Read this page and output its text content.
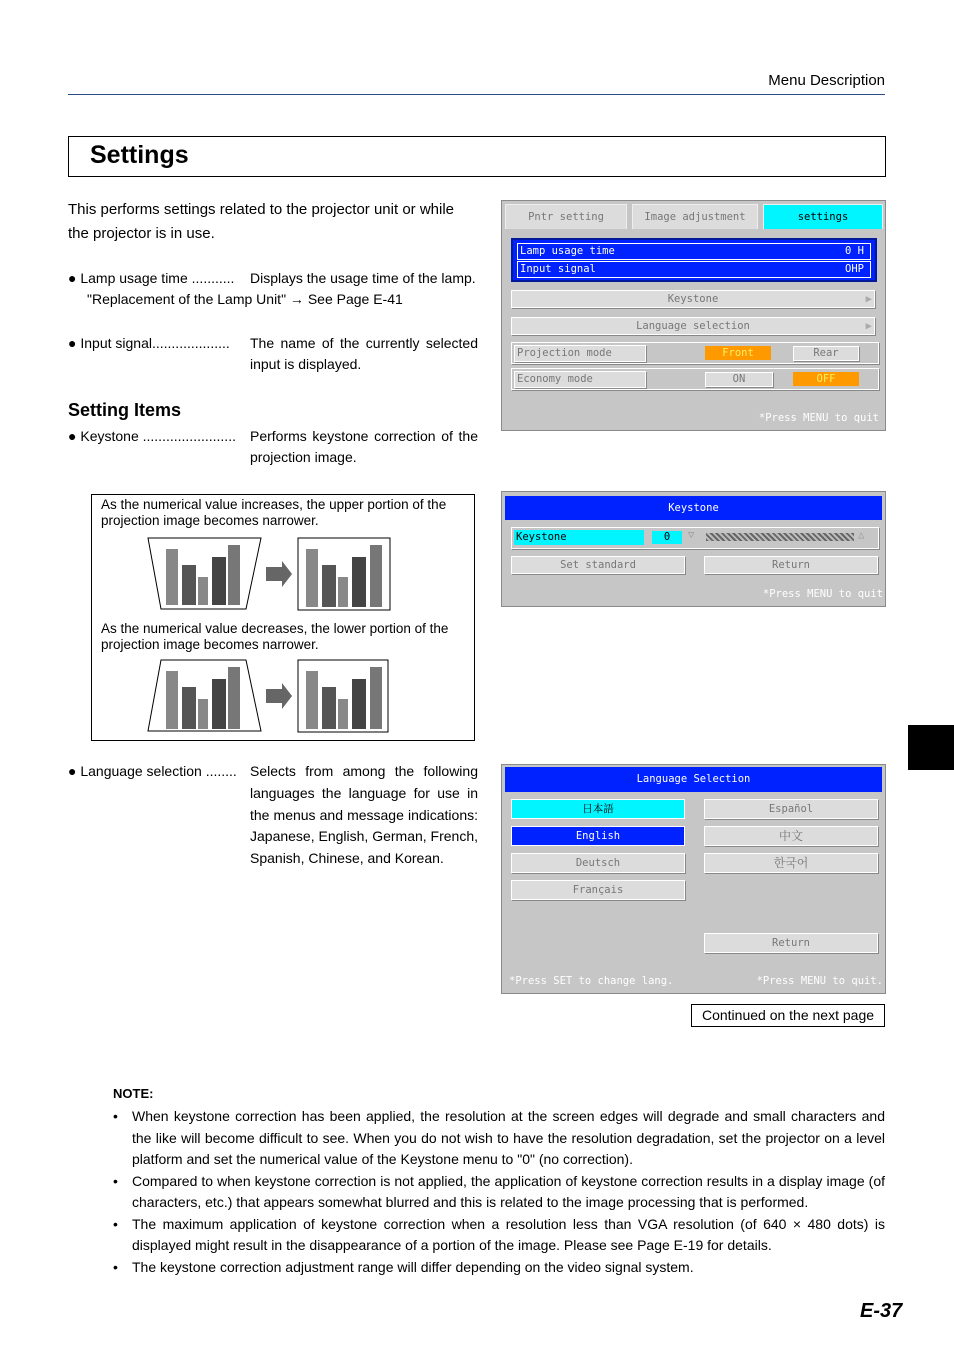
Menu Description
Settings
This performs settings related to the projector unit or while the projector is in use.
● Lamp usage time ...........	Displays the usage time of the lamp.
"Replacement of the Lamp Unit" → See Page E-41
● Input signal....................	The name of the currently selected input is displayed.
Setting Items
● Keystone ........................	Performs keystone correction of the projection image.
As the numerical value increases, the upper portion of the projection image becomes narrower.
As the numerical value decreases, the lower portion of the projection image becomes narrower.
● Language selection ........ Selects from among the following languages the language for use in the menus and message indications: Japanese, English, German, French, Spanish, Chinese, and Korean.
Pntr setting	Image adjustment	settings
Lamp usage time	0 H
Input signal	OHP
Keystone	▶
Language selection	▶
Projection mode	Front	Rear
Economy mode	ON	OFF
*Press MENU to quit
Keystone
Keystone	0	▽	△
Set standard	Return
*Press MENU to quit
Language Selection
日本語
English
Deutsch
Français
Español
中文
한국어
Return
*Press SET to change lang.	*Press MENU to quit.
Continued on the next page
NOTE:
• When keystone correction has been applied, the resolution at the screen edges will degrade and small characters and the like will become difficult to see. When you do not wish to have the resolution degradation, set the projector on a level platform and set the numerical value of the Keystone menu to "0" (no correction).
• Compared to when keystone correction is not applied, the application of keystone correction results in a display image (of characters, etc.) that appears somewhat blurred and this is related to the image processing that is performed.
• The maximum application of keystone correction when a resolution less than VGA resolution (of 640 × 480 dots) is displayed might result in the disappearance of a portion of the image. Please see Page E-19 for details.
• The keystone correction adjustment range will differ depending on the video signal system.
E-37
